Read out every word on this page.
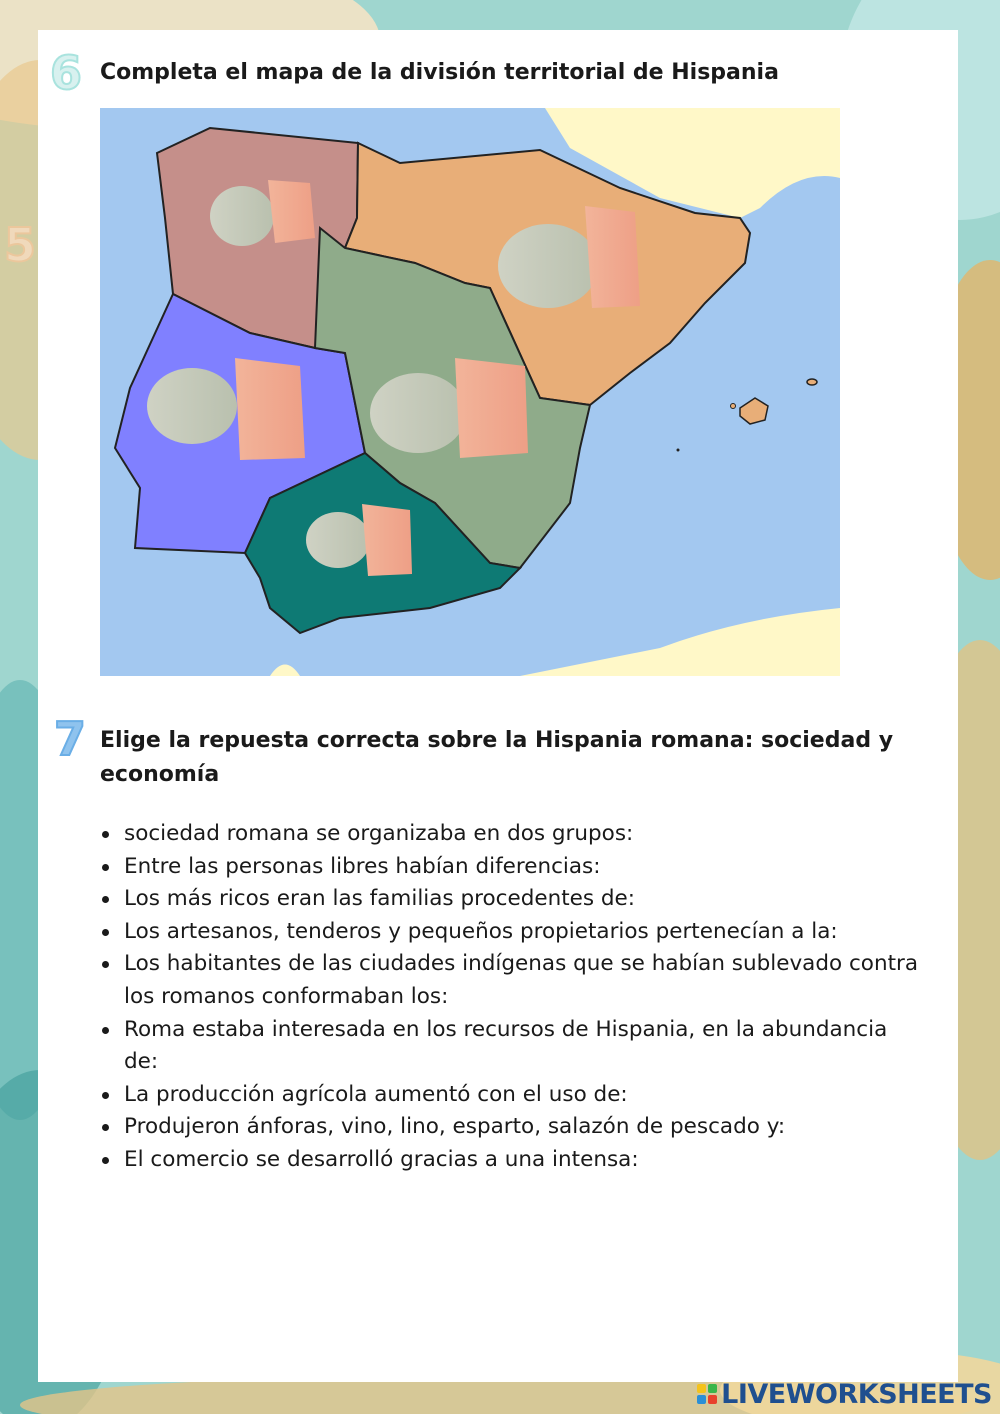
6
5
Completa el mapa de la división territorial de Hispania
7 Elige la repuesta correcta sobre la Hispania romana: sociedad y economía
sociedad romana se organizaba en dos grupos:
Entre las personas libres habían diferencias:
Los más ricos eran las familias procedentes de:
Los artesanos, tenderos y pequeños propietarios pertenecían a la:
Los habitantes de las ciudades indígenas que se habían sublevado contra los romanos conformaban los:
Roma estaba interesada en los recursos de Hispania, en la abundancia de:
La producción agrícola aumentó con el uso de:
Produjeron ánforas, vino, lino, esparto, salazón de pescado y:
El comercio se desarrolló gracias a una intensa:
LIVEWORKSHEETS
